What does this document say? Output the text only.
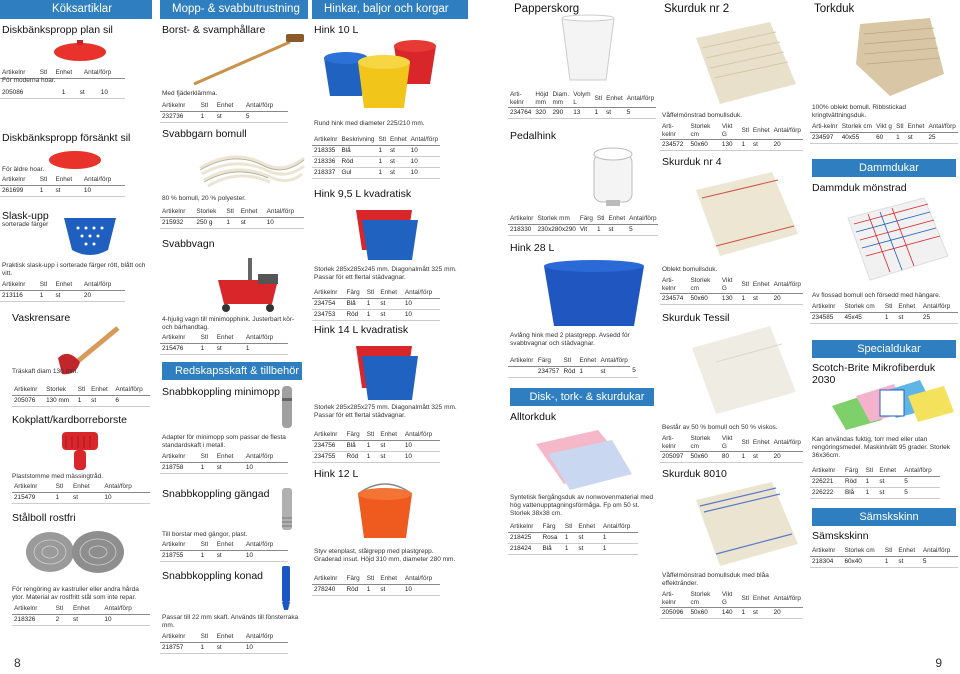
Köksartiklar
Diskbänkspropp plan sil
Artikelnr	Stl	Enhet	Antal/förp
För moderna hoar.
205086	1	st	10
Diskbänkspropp försänkt sil
För äldre hoar.
Artikelnr	Stl	Enhet	Antal/förp
261699	1	st	10
Slask-upp
sorterade färger
Praktisk slask-upp i sorterade färger rött, blått och vitt.
Artikelnr	Stl	Enhet	Antal/förp
213116	1	st	20
Vaskrensare
Träskaft diam 130 mm.
Artikelnr	Storlek	Stl	Enhet	Antal/förp
205076	130 mm	1	st	6
Kokplatt/kardborreborste
Plaststomme med mässingtråd.
Artikelnr	Stl	Enhet	Antal/förp
215479	1	st	10
Stålboll rostfri
För rengöring av kastruller eller andra hårda ytor. Material av rostfritt stål som inte repar.
Artikelnr	Stl	Enhet	Antal/förp
218326	2	st	10
8
Mopp- & svabbutrustning
Borst- & svamphållare
Med fjäderklämma.
Artikelnr	Stl	Enhet	Antal/förp
232736	1	st	5
Svabbgarn bomull
80 % bomull, 20 % polyester.
Artikelnr	Storlek	Stl	Enhet	Antal/förp
215932	250 g	1	st	10
Svabbvagn
4-hjulig vagn till minimopphink. Justerbart kör- och bärhandtag.
Artikelnr	Stl	Enhet	Antal/förp
215476	1	st	1
Redskapsskaft & tillbehör
Snabbkoppling minimopp
Adapter för minimopp som passar de flesta standardskaft i metall.
Artikelnr	Stl	Enhet	Antal/förp
218758	1	st	10
Snabbkoppling gängad
Till borstar med gängor, plast.
Artikelnr	Stl	Enhet	Antal/förp
218755	1	st	10
Snabbkoppling konad
Passar till 22 mm skaft. Används till fönsterraka mm.
Artikelnr	Stl	Enhet	Antal/förp
218757	1	st	10
Hinkar, baljor och korgar
Hink 10 L
Rund hink med diameter 225/210 mm.
Artikelnr	Beskrivning	Stl	Enhet	Antal/förp
218335	Blå	1	st	10
218336	Röd	1	st	10
218337	Gul	1	st	10
Hink 9,5 L kvadratisk
Storlek 285x285x245 mm. Diagonalmått 325 mm. Passar för ett flertal städvagnar.
Artikelnr	Färg	Stl	Enhet	Antal/förp
234754	Blå	1	st	10
234753	Röd	1	st	10
Hink 14 L kvadratisk
Storlek 285x285x275 mm. Diagonalmått 325 mm. Passar för ett flertal städvagnar.
Artikelnr	Färg	Stl	Enhet	Antal/förp
234756	Blå	1	st	10
234755	Röd	1	st	10
Hink 12 L
Styv etenplast, stålgrepp med plastgrepp. Graderad insut. Höjd 310 mm, diameter 280 mm.
Artikelnr	Färg	Stl	Enhet	Antal/förp
278240	Röd	1	st	10
Papperskorg
Arti-kelnr	Höjd mm	Diam. mm	Volym L	Stl	Enhet	Antal/förp
234764	320	290	13	1	st	5
Pedalhink
Artikelnr	Storlek mm	Färg	Stl	Enhet	Antal/förp
218330	230x280x290	Vit	1	st	5
Hink 28 L
Avlång hink med 2 plastgrepp. Avsedd för svabbvagnar och städvagnar.
Artikelnr	Färg	Stl	Enhet	Antal/förp	
	234757	Röd	1	st	5
Disk-, tork- & skurdukar
Alltorkduk
Syntetisk fiergångsduk av nonwovenmaterial med hög vattenupptagningsförmåga. Fp om 50 st. Storlek 38x38 cm.
Artikelnr	Färg	Stl	Enhet	Antal/förp
218425	Rosa	1	st	1
218424	Blå	1	st	1
Skurduk nr 2
Våffelmönstrad bomullsduk.
Arti-kelnr	Storlek cm	Vikt G	Stl	Enhet	Antal/förp
234572	50x60	130	1	st	20
Skurduk nr 4
Oblekt bomullsduk.
Arti-kelnr	Storlek cm	Vikt G	Stl	Enhet	Antal/förp
234574	50x60	130	1	st	20
Skurduk Tessil
Består av 50 % bomull och 50 % viskos.
Arti-kelnr	Storlek cm	Vikt G	Stl	Enhet	Antal/förp
205097	50x60	80	1	st	20
Skurduk 8010
Våffelmönstrad bomullsduk med blåa effektränder.
Arti-kelnr	Storlek cm	Vikt G	Stl	Enhet	Antal/förp
205096	50x60	140	1	st	20
Torkduk
100% oblekt bomull. Ribbstickad kringtvättningsduk.
Arti-kelnr	Storlek cm	Vikt g	Stl	Enhet	Antal/förp
234597	40x55	60	1	st	25
Dammdukar
Dammduk mönstrad
Av flossad bomull och försedd med hängare.
Artikelnr	Storlek cm	Stl	Enhet	Antal/förp
234585	45x45	1	st	25
Specialdukar
Scotch-Brite Mikrofiberduk 2030
Kan användas fuktig, torr med eller utan rengöringsmedel. Maskintvätt 95 grader. Storlek 36x36cm.
Artikelnr	Färg	Stl	Enhet	Antal/förp
226221	Röd	1	st	5
226222	Blå	1	st	5
Sämskskinn
Sämskskinn
Artikelnr	Storlek cm	Stl	Enhet	Antal/förp
218304	60x40	1	st	5
9
